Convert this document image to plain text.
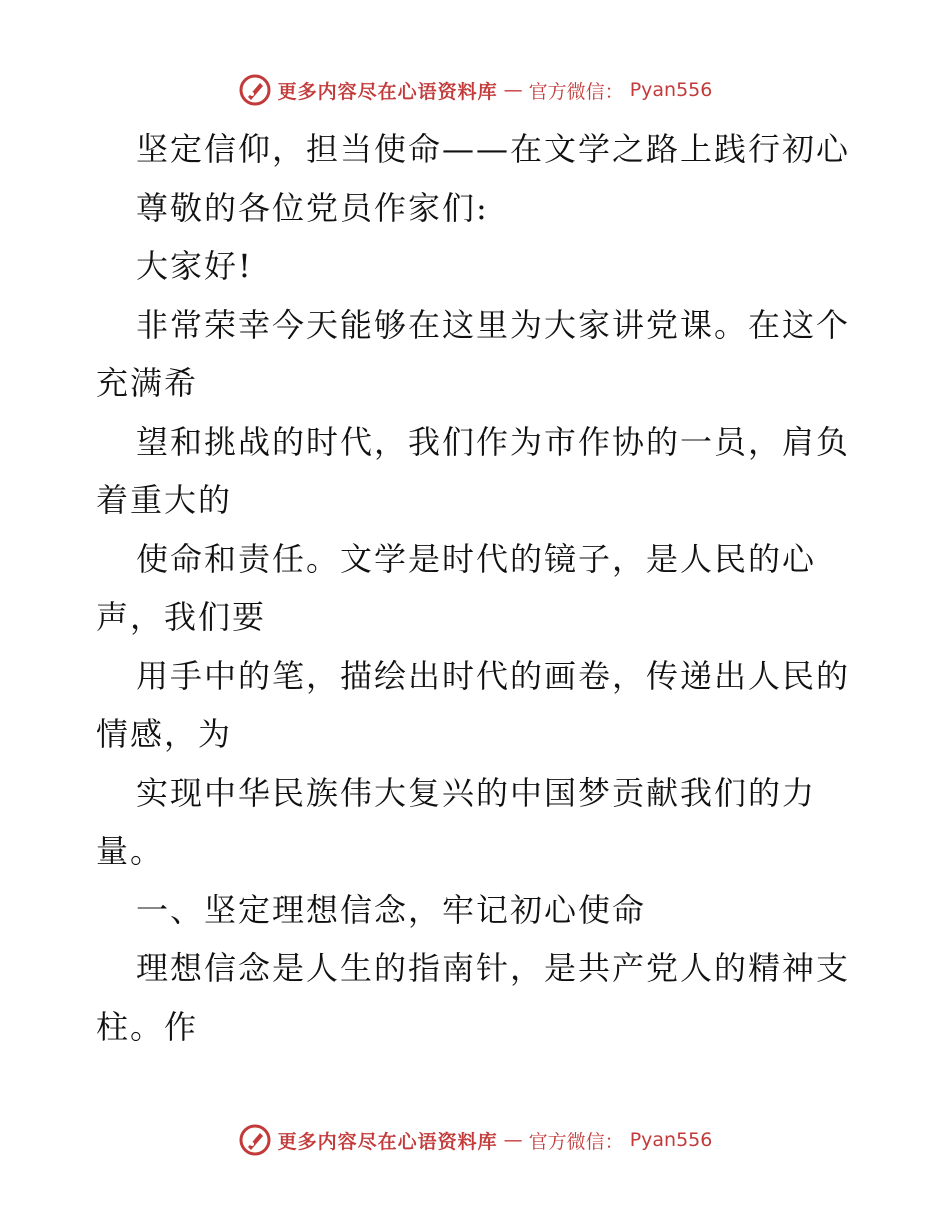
更多内容尽在心语资料库 — 官方微信： Pyan556
坚定信仰，担当使命——在文学之路上践行初心
尊敬的各位党员作家们:
大家好!
非常荣幸今天能够在这里为大家讲党课。在这个
充满希
望和挑战的时代，我们作为市作协的一员，肩负
着重大的
使命和责任。文学是时代的镜子，是人民的心
声，我们要
用手中的笔，描绘出时代的画卷，传递出人民的
情感，为
实现中华民族伟大复兴的中国梦贡献我们的力
量。
一、坚定理想信念，牢记初心使命
理想信念是人生的指南针，是共产党人的精神支
柱。作
更多内容尽在心语资料库 — 官方微信： Pyan556
